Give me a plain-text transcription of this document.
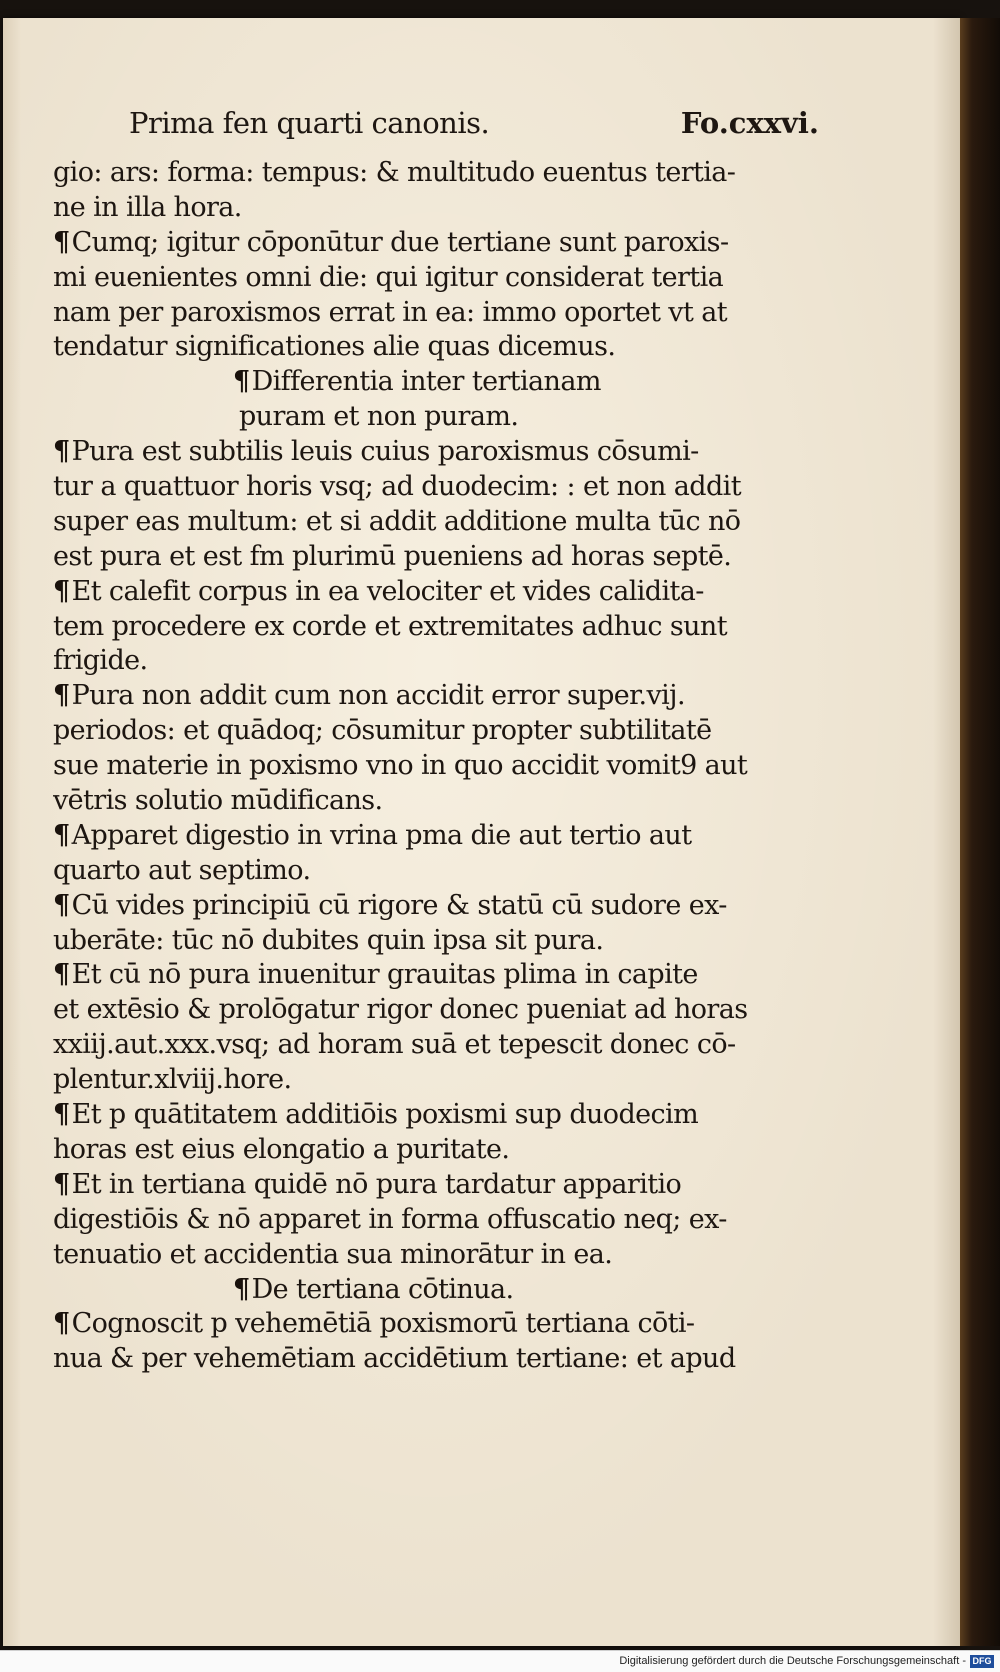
Prima fen quarti canonis.	Fo.cxxvi.
gio: ars: forma: tempus: & multitudo euentus tertia-
ne in illa hora.
¶Cumq; igitur cōponūtur due tertiane sunt paroxis-
mi euenientes omni die: qui igitur considerat tertia
nam per paroxismos errat in ea: immo oportet vt at
tendatur significationes alie quas dicemus.
¶Differentia inter tertianam
puram et non puram.
¶Pura est subtilis leuis cuius paroxismus cōsumi-
tur a quattuor horis vsq; ad duodecim: : et non addit
super eas multum: et si addit additione multa tūc nō
est pura et est fm plurimū pueniens ad horas septē.
¶Et calefit corpus in ea velociter et vides calidita-
tem procedere ex corde et extremitates adhuc sunt
frigide.
¶Pura non addit cum non accidit error super.vij.
periodos: et quādoq; cōsumitur propter subtilitatē
sue materie in poxismo vno in quo accidit vomit9 aut
vētris solutio mūdificans.
¶Apparet digestio in vrina pma die aut tertio aut
quarto aut septimo.
¶Cū vides principiū cū rigore & statū cū sudore ex-
uberāte: tūc nō dubites quin ipsa sit pura.
¶Et cū nō pura inuenitur grauitas plima in capite
et extēsio & prolōgatur rigor donec pueniat ad horas
xxiij.aut.xxx.vsq; ad horam suā et tepescit donec cō-
plentur.xlviij.hore.
¶Et p quātitatem additiōis poxismi sup duodecim
horas est eius elongatio a puritate.
¶Et in tertiana quidē nō pura tardatur apparitio
digestiōis & nō apparet in forma offuscatio neq; ex-
tenuatio et accidentia sua minorātur in ea.
¶De tertiana cōtinua.
¶Cognoscit p vehemētiā poxismorū tertiana cōti-
nua & per vehemētiam accidētium tertiane: et apud
Digitalisierung gefördert durch die Deutsche Forschungsgemeinschaft - DFG
